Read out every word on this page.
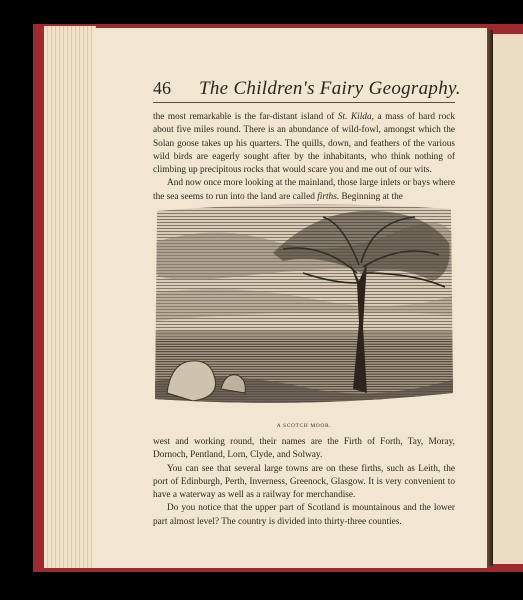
46 The Children's Fairy Geography.

the most remarkable is the far-distant island of St. Kilda, a mass of hard rock about five miles round. There is an abundance of wild-fowl, amongst which the Solan goose takes up his quarters. The quills, down, and feathers of the various wild birds are eagerly sought after by the inhabitants, who think nothing of climbing up precipitous rocks that would scare you and me out of our wits.

And now once more looking at the mainland, those large inlets or bays where the sea seems to run into the land are called firths. Beginning at the

A SCOTCH MOOR.

west and working round, their names are the Firth of Forth, Tay, Moray, Dornoch, Pentland, Lorn, Clyde, and Solway.

You can see that several large towns are on these firths, such as Leith, the port of Edinburgh, Perth, Inverness, Greenock, Glasgow. It is very convenient to have a waterway as well as a railway for merchandise.

Do you notice that the upper part of Scotland is mountainous and the lower part almost level? The country is divided into thirty-three counties.
